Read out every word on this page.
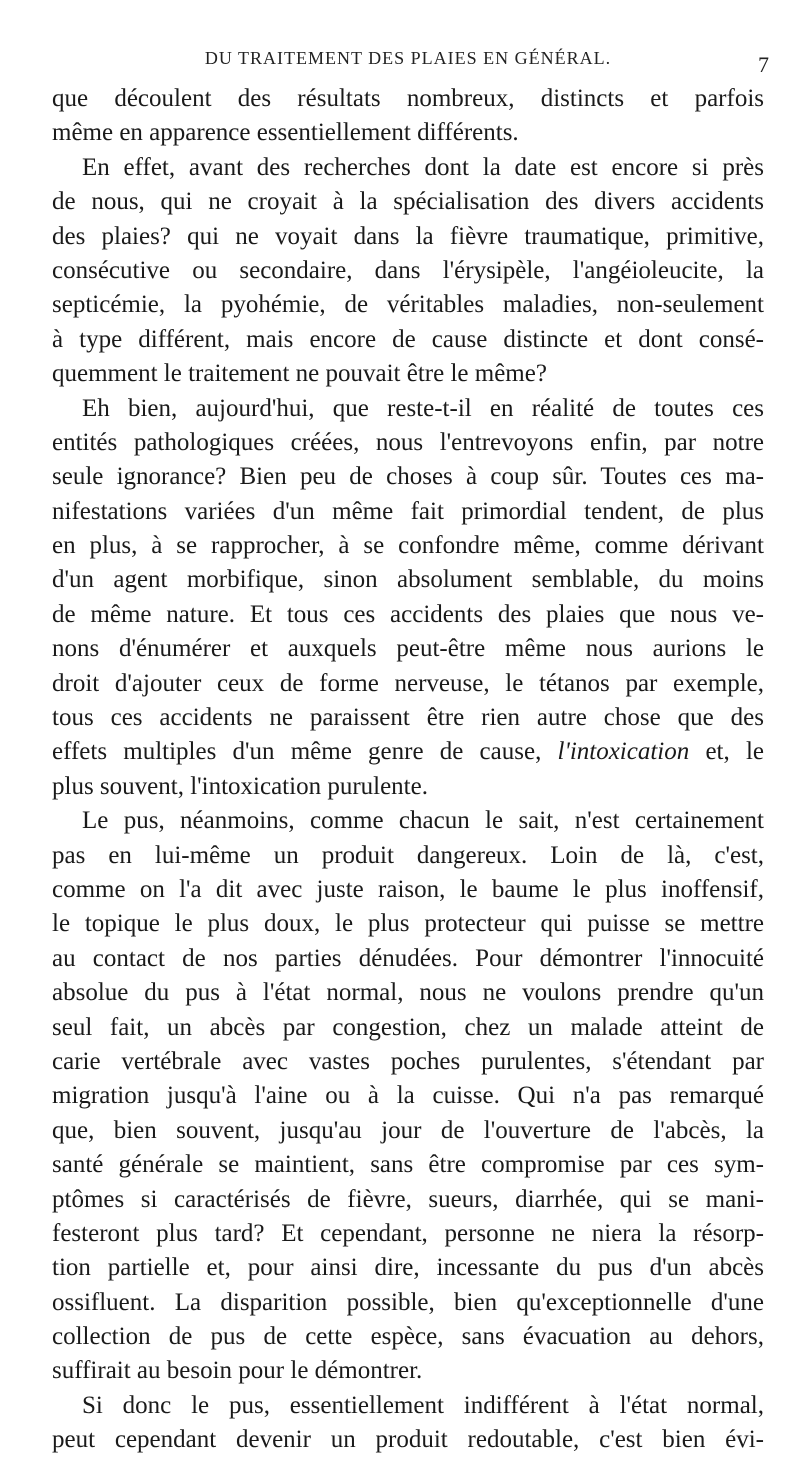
DU TRAITEMENT DES PLAIES EN GÉNÉRAL.	7
que découlent des résultats nombreux, distincts et parfois
même en apparence essentiellement différents.
En effet, avant des recherches dont la date est encore si près
de nous, qui ne croyait à la spécialisation des divers accidents
des plaies? qui ne voyait dans la fièvre traumatique, primitive,
consécutive ou secondaire, dans l'érysipèle, l'angéioleucite, la
septicémie, la pyohémie, de véritables maladies, non-seulement
à type différent, mais encore de cause distincte et dont consé-
quemment le traitement ne pouvait être le même?
Eh bien, aujourd'hui, que reste-t-il en réalité de toutes ces
entités pathologiques créées, nous l'entrevoyons enfin, par notre
seule ignorance? Bien peu de choses à coup sûr. Toutes ces ma-
nifestations variées d'un même fait primordial tendent, de plus
en plus, à se rapprocher, à se confondre même, comme dérivant
d'un agent morbifique, sinon absolument semblable, du moins
de même nature. Et tous ces accidents des plaies que nous ve-
nons d'énumérer et auxquels peut-être même nous aurions le
droit d'ajouter ceux de forme nerveuse, le tétanos par exemple,
tous ces accidents ne paraissent être rien autre chose que des
effets multiples d'un même genre de cause, l'intoxication et, le
plus souvent, l'intoxication purulente.
Le pus, néanmoins, comme chacun le sait, n'est certainement
pas en lui-même un produit dangereux. Loin de là, c'est,
comme on l'a dit avec juste raison, le baume le plus inoffensif,
le topique le plus doux, le plus protecteur qui puisse se mettre
au contact de nos parties dénudées. Pour démontrer l'innocuité
absolue du pus à l'état normal, nous ne voulons prendre qu'un
seul fait, un abcès par congestion, chez un malade atteint de
carie vertébrale avec vastes poches purulentes, s'étendant par
migration jusqu'à l'aine ou à la cuisse. Qui n'a pas remarqué
que, bien souvent, jusqu'au jour de l'ouverture de l'abcès, la
santé générale se maintient, sans être compromise par ces sym-
ptômes si caractérisés de fièvre, sueurs, diarrhée, qui se mani-
festeront plus tard? Et cependant, personne ne niera la résorp-
tion partielle et, pour ainsi dire, incessante du pus d'un abcès
ossifluent. La disparition possible, bien qu'exceptionnelle d'une
collection de pus de cette espèce, sans évacuation au dehors,
suffirait au besoin pour le démontrer.
Si donc le pus, essentiellement indifférent à l'état normal,
peut cependant devenir un produit redoutable, c'est bien évi-
